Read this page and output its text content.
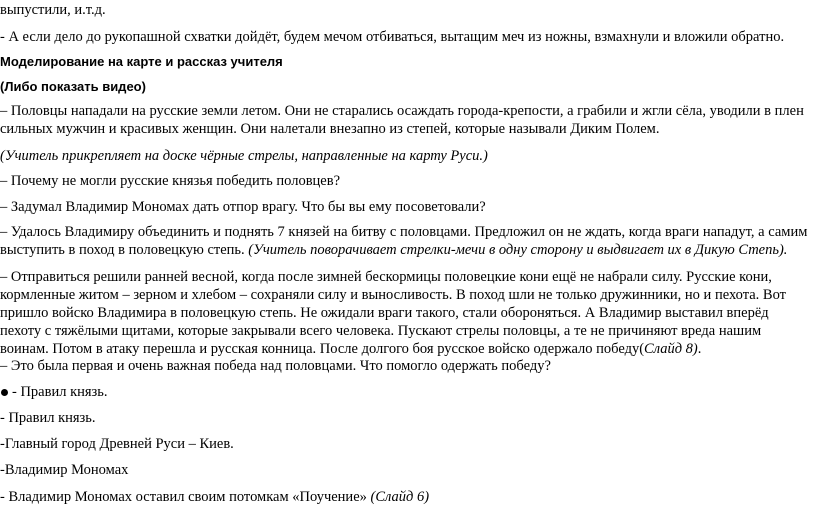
выпустили, и.т.д.

- А если дело до рукопашной схватки дойдёт, будем мечом отбиваться, вытащим меч из ножны, взмахнули и вложили обратно.

Моделирование на карте и рассказ учителя

(Либо показать видео)

– Половцы нападали на русские земли летом. Они не старались осаждать города-крепости, а грабили и жгли сёла, уводили в плен сильных мужчин и красивых женщин. Они налетали внезапно из степей, которые называли Диким Полем.

(Учитель прикрепляет на доске чёрные стрелы, направленные на карту Руси.)

– Почему не могли русские князья победить половцев?

– Задумал Владимир Мономах дать отпор врагу. Что бы вы ему посоветовали?

– Удалось Владимиру объединить и поднять 7 князей на битву с половцами. Предложил он не ждать, когда враги нападут, а самим выступить в поход в половецкую степь. (Учитель поворачивает стрелки-мечи в одну сторону и выдвигает их в Дикую Степь).

– Отправиться решили ранней весной, когда после зимней бескормицы половецкие кони ещё не набрали силу. Русские кони, кормленные житом – зерном и хлебом – сохраняли силу и выносливость. В поход шли не только дружинники, но и пехота. Вот пришло войско Владимира в половецкую степь. Не ожидали враги такого, стали обороняться. А Владимир выставил вперёд пехоту с тяжёлыми щитами, которые закрывали всего человека. Пускают стрелы половцы, а те не причиняют вреда нашим воинам. Потом в атаку перешла и русская конница. После долгого боя русское войско одержало победу(Слайд 8).

– Это была первая и очень важная победа над половцами. Что помогло одержать победу?

- Правил князь.

- Правил князь.

-Главный город Древней Руси – Киев.

-Владимир Мономах

- Владимир Мономах оставил своим потомкам «Поучение» (Слайд 6)
